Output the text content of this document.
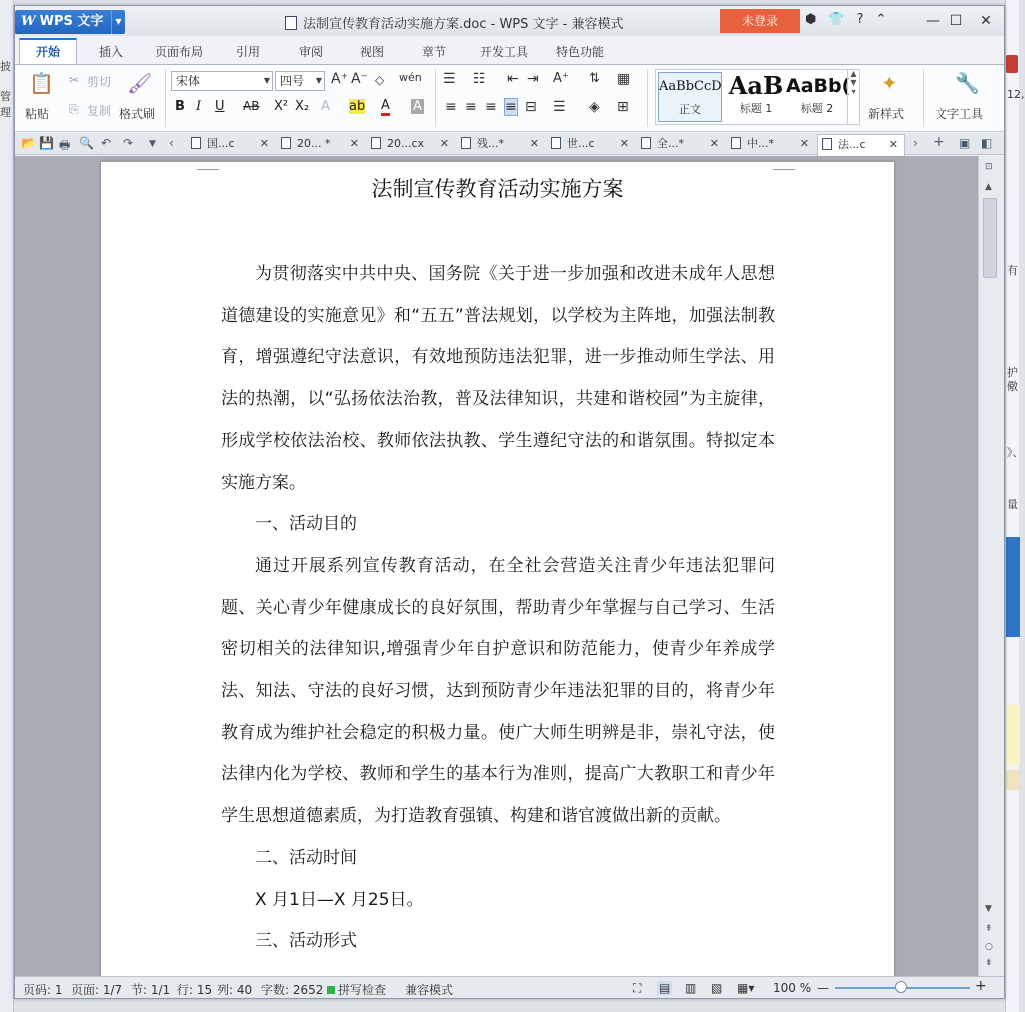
披
管理
12,
有
护
儆
》、
量
W WPS 文字	▼	法制宣传教育活动实施方案.doc - WPS 文字 - 兼容模式	未登录	⬢ 👕 ? ⌃	— ☐	✕
开始	插入	页面布局	引用	审阅	视图	章节	开发工具 特色功能
📋
粘贴
✂ 剪切
⎘ 复制
🖌
格式刷
宋体	▼ 四号 ▼ A⁺ A⁻ ◇ wén
B I U AB X² X₂ A ab A A
☰ ☷ ⇤ ⇥ A⁺ ⇅ ▦
≡ ≡ ≡ ≡ ⊟ ☰ ◈ ⊞
AaBbCcD
正文
AaB
标题 1
AaBb(
标题 2
▲
▼
▾ ✦
新样式
🔧
文字工具
📂 💾 🖶 🔍 ↶ ↷ ▼ ‹	国...c ✕	20... * ✕	20...cx ✕	残...* ✕	世...c ✕	全...* ✕	中...* ✕	法...c ✕ › + ▣ ◧
法制宣传教育活动实施方案

为贯彻落实中共中央、国务院《关于进一步加强和改进未成年人思想道德建设的实施意见》和“五五”普法规划，以学校为主阵地，加强法制教育，增强遵纪守法意识，有效地预防违法犯罪，进一步推动师生学法、用法的热潮，以“弘扬依法治教，普及法律知识，共建和谐校园”为主旋律，形成学校依法治校、教师依法执教、学生遵纪守法的和谐氛围。特拟定本实施方案。

一、活动目的

通过开展系列宣传教育活动，在全社会营造关注青少年违法犯罪问题、关心青少年健康成长的良好氛围，帮助青少年掌握与自己学习、生活密切相关的法律知识,增强青少年自护意识和防范能力，使青少年养成学法、知法、守法的良好习惯，达到预防青少年违法犯罪的目的，将青少年教育成为维护社会稳定的积极力量。使广大师生明辨是非，崇礼守法，使法律内化为学校、教师和学生的基本行为准则，提高广大教职工和青少年学生思想道德素质，为打造教育强镇、构建和谐官渡做出新的贡献。

二、活动时间

X 月1日—X 月25日。

三、活动形式

⊡
▲
▼
⇞
○
⇟
页码: 1 页面: 1/7 节: 1/1 行: 15 列: 40 字数: 2652	拼写检查 兼容模式	⛶ ▤ ▥ ▧ ▦▾ 100 % —	+
